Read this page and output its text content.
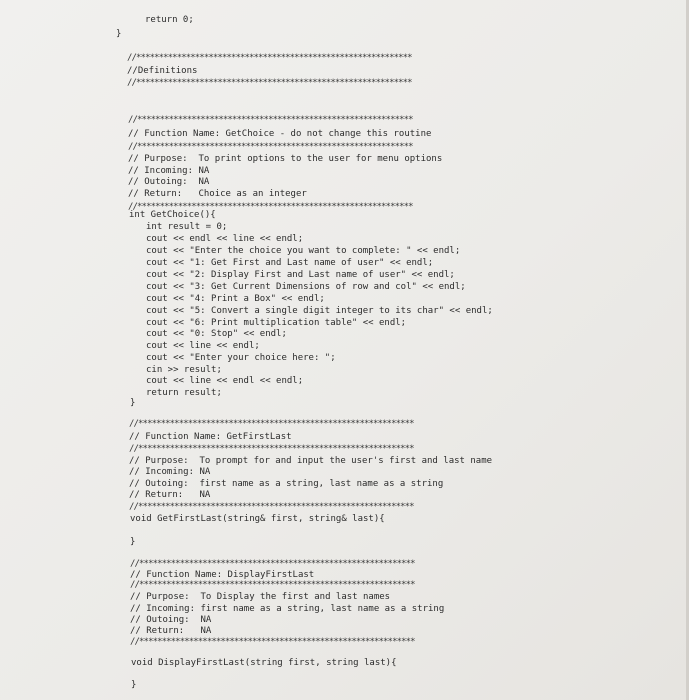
return 0;
}
//*************************************************************
//Definitions
//*************************************************************
//*************************************************************
// Function Name: GetChoice - do not change this routine
//*************************************************************
// Purpose:  To print options to the user for menu options
// Incoming: NA
// Outoing:  NA
// Return:   Choice as an integer
//*************************************************************
int GetChoice(){
int result = 0;
cout << endl << line << endl;
cout << "Enter the choice you want to complete: " << endl;
cout << "1: Get First and Last name of user" << endl;
cout << "2: Display First and Last name of user" << endl;
cout << "3: Get Current Dimensions of row and col" << endl;
cout << "4: Print a Box" << endl;
cout << "5: Convert a single digit integer to its char" << endl;
cout << "6: Print multiplication table" << endl;
cout << "0: Stop" << endl;
cout << line << endl;
cout << "Enter your choice here: ";
cin >> result;
cout << line << endl << endl;
return result;
}
//*************************************************************
// Function Name: GetFirstLast
//*************************************************************
// Purpose:  To prompt for and input the user's first and last name
// Incoming: NA
// Outoing:  first name as a string, last name as a string
// Return:   NA
//*************************************************************
void GetFirstLast(string& first, string& last){
}
//*************************************************************
// Function Name: DisplayFirstLast
//*************************************************************
// Purpose:  To Display the first and last names
// Incoming: first name as a string, last name as a string
// Outoing:  NA
// Return:   NA
//*************************************************************
void DisplayFirstLast(string first, string last){
}
